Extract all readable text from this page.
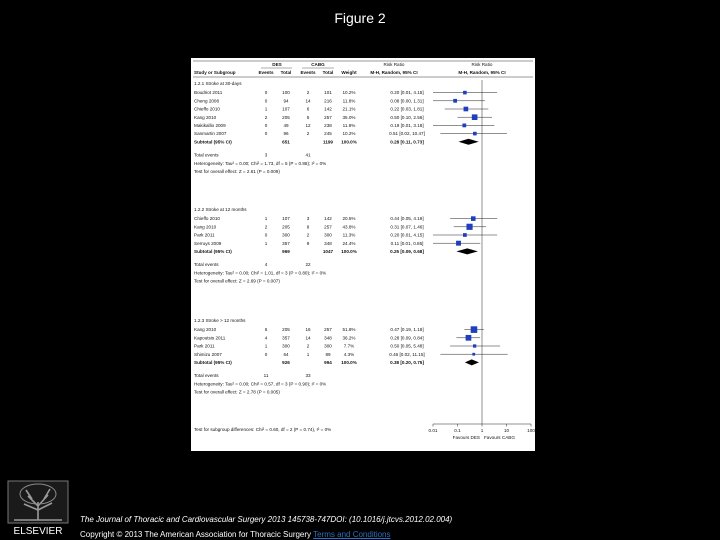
Figure 2
DES	CABG	Risk Ratio	Risk Ratio
Study or Subgroup	Events Total Events Total Weight	M-H, Random, 95% CI	M-H, Random, 95% CI
1.2.1 Stroke at 30-days
Boudriot 2011	0	100	2	101 10.2%	0.20 [0.01, 4.15]
Cheng 2008	0	94	14	216 11.8%	0.08 [0.00, 1.31]
Chieffo 2010	1	107	6	142 21.1%	0.22 [0.03, 1.81]
Kang 2010	2	205	5	257 35.0%	0.50 [0.10, 2.56]
Makikallio 2009	0	49	12	238 11.8%	0.19 [0.01, 3.18]
Sanmartin 2007	0	96	2	245 10.2%	0.51 [0.02, 10.47]
Subtotal (95% CI)	651	1199 100.0%	0.28 [0.11, 0.73]
Total events	3	41
Heterogeneity: Tau² = 0.00; Chi² = 1.73, df = 5 (P = 0.88); I² = 0%
Test for overall effect: Z = 2.61 (P = 0.009)
1.2.2 Stroke at 12 months
Chieffo 2010	1	107	3	142 20.5%	0.44 [0.05, 4.19]
Kang 2010	2	205	8	257 43.8%	0.31 [0.07, 1.46]
Park 2011	0	300	2	300 11.3%	0.20 [0.01, 4.15]
Serruys 2009	1	357	9	348 24.4%	0.11 [0.01, 0.85]
Subtotal (95% CI)	969	1047 100.0%	0.25 [0.09, 0.68]
Total events	4	22
Heterogeneity: Tau² = 0.00; Chi² = 1.01, df = 3 (P = 0.80); I² = 0%
Test for overall effect: Z = 2.69 (P = 0.007)
1.2.3 Stroke > 12 months
Kang 2010	6	205	16	257 51.8%	0.47 [0.19, 1.18]
Kapoutsis 2011	4	357	14	348 36.2%	0.28 [0.09, 0.84]
Park 2011	1	300	2	300	7.7%	0.50 [0.05, 5.48]
Shimizu 2007	0	64	1	89	4.3%	0.46 [0.02, 11.15]
Subtotal (95% CI)	926	994 100.0%	0.38 [0.20, 0.75]
Total events	11	33
Heterogeneity: Tau² = 0.00; Chi² = 0.57, df = 3 (P = 0.90); I² = 0%
Test for overall effect: Z = 2.78 (P = 0.005)
0.01	0.1	1	10	100
Favours DES Favours CABG
Test for subgroup differences: Chi² = 0.60, df = 2 (P = 0.74), I² = 0%
ELSEVIER
The Journal of Thoracic and Cardiovascular Surgery 2013 145738-747DOI: (10.1016/j.jtcvs.2012.02.004)
Copyright © 2013 The American Association for Thoracic Surgery Terms and Conditions
